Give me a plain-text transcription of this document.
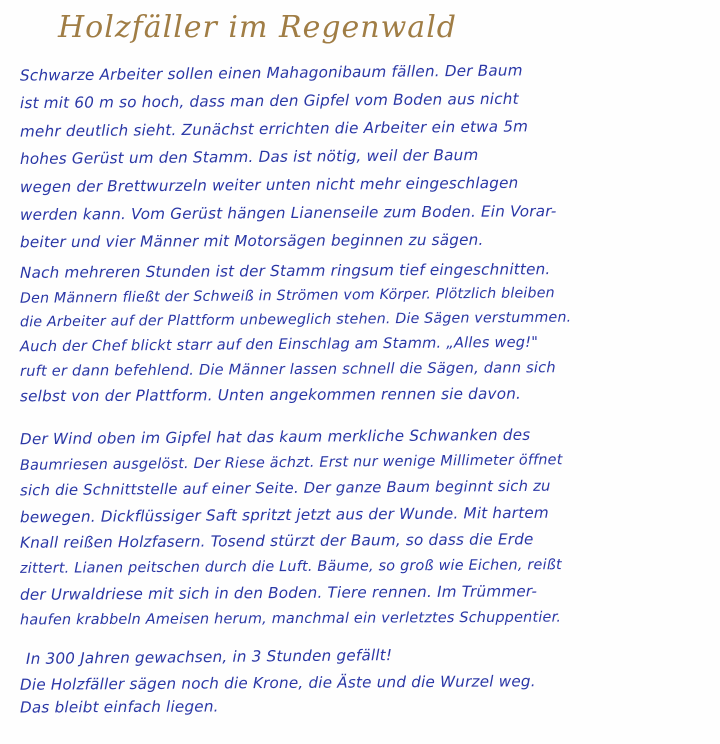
Holzfäller im Regenwald
Schwarze Arbeiter sollen einen Mahagonibaum fällen. Der Baum
ist mit 60 m so hoch, dass man den Gipfel vom Boden aus nicht
mehr deutlich sieht. Zunächst errichten die Arbeiter ein etwa 5m
hohes Gerüst um den Stamm. Das ist nötig, weil der Baum
wegen der Brettwurzeln weiter unten nicht mehr eingeschlagen
werden kann. Vom Gerüst hängen Lianenseile zum Boden. Ein Vorar-
beiter und vier Männer mit Motorsägen beginnen zu sägen.
Nach mehreren Stunden ist der Stamm ringsum tief eingeschnitten.
Den Männern fließt der Schweiß in Strömen vom Körper. Plötzlich bleiben
die Arbeiter auf der Plattform unbeweglich stehen. Die Sägen verstummen.
Auch der Chef blickt starr auf den Einschlag am Stamm. „Alles weg!"
ruft er dann befehlend. Die Männer lassen schnell die Sägen, dann sich
selbst von der Plattform. Unten angekommen rennen sie davon.
Der Wind oben im Gipfel hat das kaum merkliche Schwanken des
Baumriesen ausgelöst. Der Riese ächzt. Erst nur wenige Millimeter öffnet
sich die Schnittstelle auf einer Seite. Der ganze Baum beginnt sich zu
bewegen. Dickflüssiger Saft spritzt jetzt aus der Wunde. Mit hartem
Knall reißen Holzfasern. Tosend stürzt der Baum, so dass die Erde
zittert. Lianen peitschen durch die Luft. Bäume, so groß wie Eichen, reißt
der Urwaldriese mit sich in den Boden. Tiere rennen. Im Trümmer-
haufen krabbeln Ameisen herum, manchmal ein verletztes Schuppentier.
In 300 Jahren gewachsen, in 3 Stunden gefällt!
Die Holzfäller sägen noch die Krone, die Äste und die Wurzel weg.
Das bleibt einfach liegen.
